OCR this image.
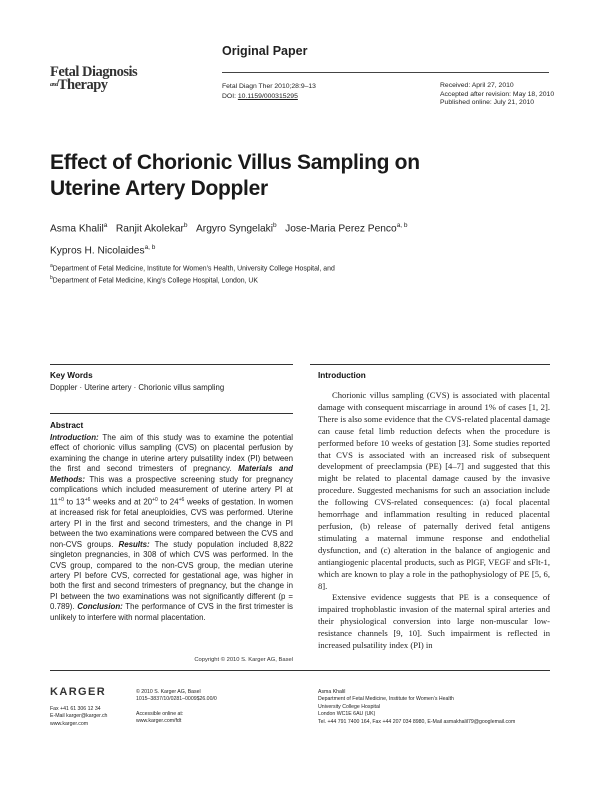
Original Paper
Fetal Diagnosis
$^{and}$Therapy	Fetal Diagn Ther 2010;28:9–13
DOI: 10.1159/000315295
Received: April 27, 2010
Accepted after revision: May 18, 2010
Published online: July 21, 2010
Effect of Chorionic Villus Sampling on
Uterine Artery Doppler
Asma Khalil$^a$ Ranjit Akolekar$^b$ Argyro Syngelaki$^b$ Jose-Maria Perez Penco$^{a, b}$
Kypros H. Nicolaides$^{a, b}$
$^a$Department of Fetal Medicine, Institute for Women’s Health, University College Hospital, and
$^b$Department of Fetal Medicine, King’s College Hospital, London, UK
Key Words
Doppler · Uterine artery · Chorionic villus sampling
Abstract
Introduction: The aim of this study was to examine the potential effect of chorionic villus sampling (CVS) on placental perfusion by examining the change in uterine artery pulsatility index (PI) between the first and second trimesters of pregnancy. Materials and Methods: This was a prospective screening study for pregnancy complications which included measurement of uterine artery PI at $11^{+0}$ to $13^{+6}$ weeks and at $20^{+0}$ to $24^{+6}$ weeks of gestation. In women at increased risk for fetal aneuploidies, CVS was performed. Uterine artery PI in the first and second trimesters, and the change in PI between the two examinations were compared between the CVS and non-CVS groups. Results: The study population included 8,822 singleton pregnancies, in 308 of which CVS was performed. In the CVS group, compared to the non-CVS group, the median uterine artery PI before CVS, corrected for gestational age, was higher in both the first and second trimesters of pregnancy, but the change in PI between the two examinations was not significantly different (p = 0.789). Conclusion: The performance of CVS in the first trimester is unlikely to interfere with normal placentation.
Copyright © 2010 S. Karger AG, Basel
Introduction

Chorionic villus sampling (CVS) is associated with placental damage with consequent miscarriage in around 1% of cases [1, 2]. There is also some evidence that the CVS-related placental damage can cause fetal limb reduction defects when the procedure is performed before 10 weeks of gestation [3]. Some studies reported that CVS is associated with an increased risk of subsequent development of preeclampsia (PE) [4–7] and suggested that this might be related to placental damage caused by the invasive procedure. Suggested mechanisms for such an association include the following CVS-related consequences: (a) focal placental hemorrhage and inflammation resulting in reduced placental perfusion, (b) release of paternally derived fetal antigens stimulating a maternal immune response and endothelial dysfunction, and (c) alteration in the balance of angiogenic and antiangiogenic placental products, such as PlGF, VEGF and sFlt-1, which are known to play a role in the pathophysiology of PE [5, 6, 8].

Extensive evidence suggests that PE is a consequence of impaired trophoblastic invasion of the maternal spiral arteries and their physiological conversion into large non-muscular low-resistance channels [9, 10]. Such impairment is reflected in increased pulsatility index (PI) in

KARGER
Fax +41 61 306 12 34
E-Mail karger@karger.ch
www.karger.com
© 2010 S. Karger AG, Basel
1015–3837/10/0281–0009$26.00/0
Accessible online at:
www.karger.com/fdt
Asma Khalil
Department of Fetal Medicine, Institute for Women’s Health
University College Hospital
London WC1E 6AU (UK)
Tel. +44 791 7400 164, Fax +44 207 034 8980, E-Mail asmakhalil79@googlemail.com
